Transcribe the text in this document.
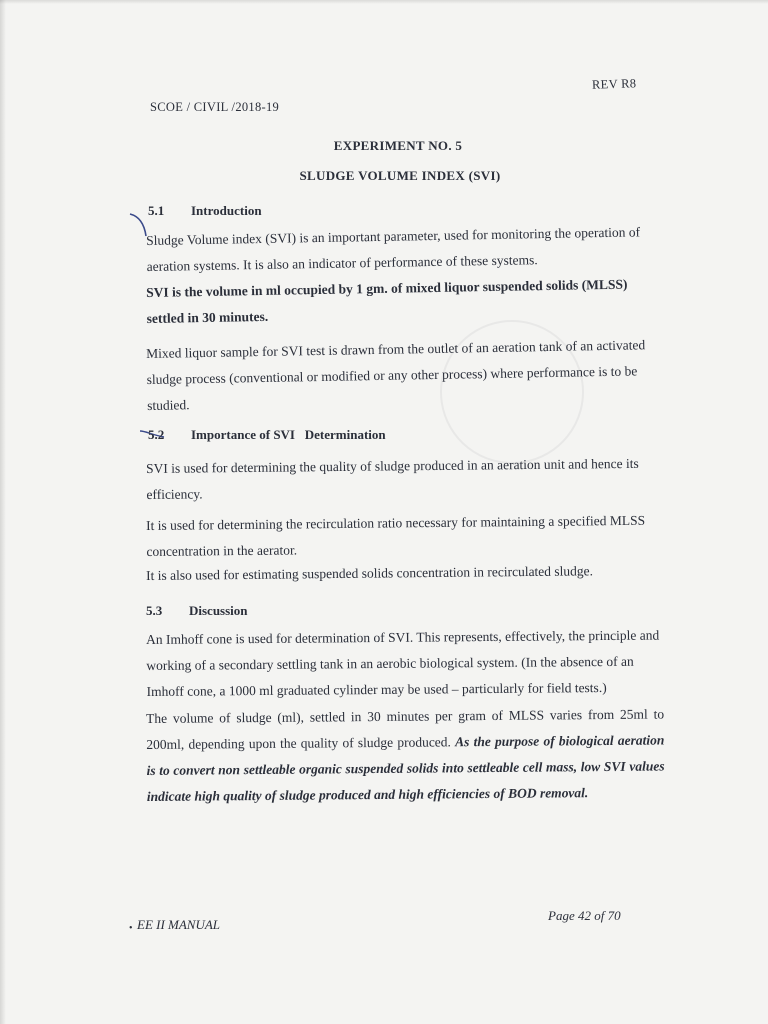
SCOE / CIVIL /2018-19
REV R8
EXPERIMENT NO. 5
SLUDGE VOLUME INDEX (SVI)
5.1 Introduction
Sludge Volume index (SVI) is an important parameter, used for monitoring the operation of aeration systems. It is also an indicator of performance of these systems.
SVI is the volume in ml occupied by 1 gm. of mixed liquor suspended solids (MLSS) settled in 30 minutes.
Mixed liquor sample for SVI test is drawn from the outlet of an aeration tank of an activated sludge process (conventional or modified or any other process) where performance is to be studied.
5.2 Importance of SVI   Determination
SVI is used for determining the quality of sludge produced in an aeration unit and hence its efficiency.
It is used for determining the recirculation ratio necessary for maintaining a specified MLSS concentration in the aerator.
It is also used for estimating suspended solids concentration in recirculated sludge.
5.3 Discussion
An Imhoff cone is used for determination of SVI. This represents, effectively, the principle and working of a secondary settling tank in an aerobic biological system. (In the absence of an Imhoff cone, a 1000 ml graduated cylinder may be used – particularly for field tests.)
The volume of sludge (ml), settled in 30 minutes per gram of MLSS varies from 25ml to 200ml, depending upon the quality of sludge produced. As the purpose of biological aeration is to convert non settleable organic suspended solids into settleable cell mass, low SVI values indicate high quality of sludge produced and high efficiencies of BOD removal.
• EE II MANUAL
Page 42 of 70
